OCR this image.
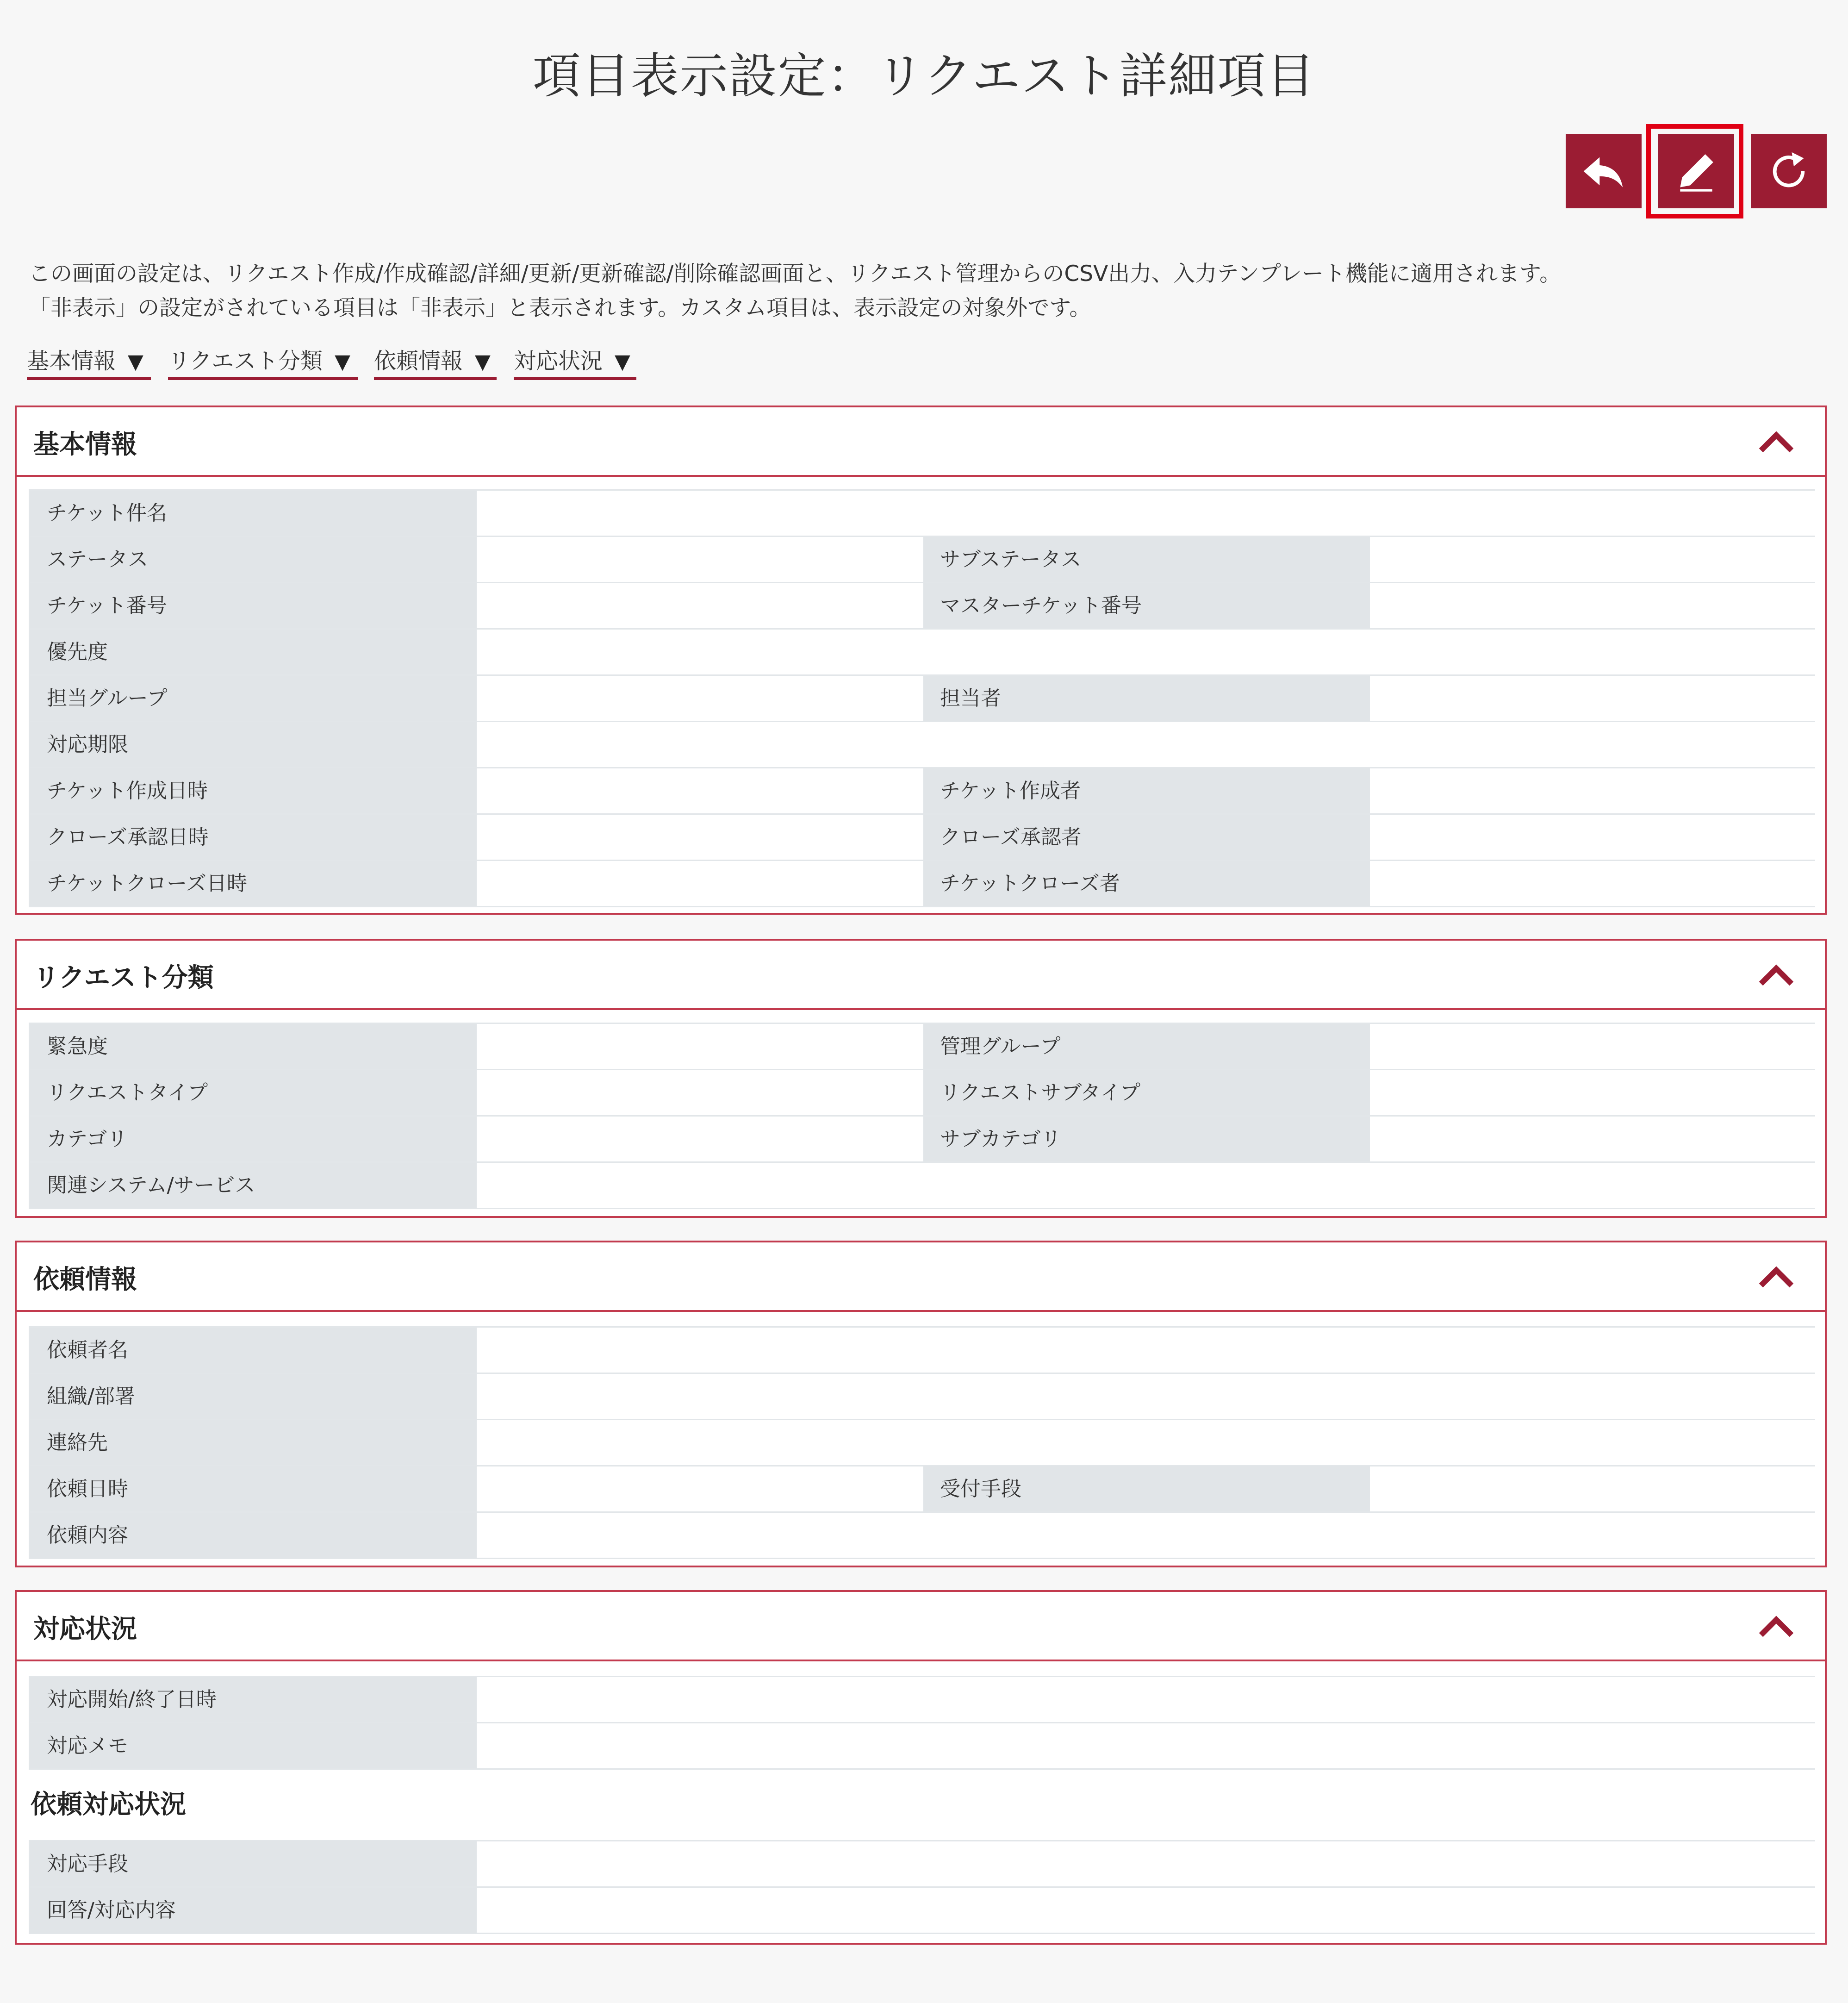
項目表示設定：リクエスト詳細項目
この画面の設定は、リクエスト作成/作成確認/詳細/更新/更新確認/削除確認画面と、リクエスト管理からのCSV出力、入力テンプレート機能に適用されます。
「非表示」の設定がされている項目は「非表示」と表示されます。カスタム項目は、表示設定の対象外です。
基本情報 ▼	リクエスト分類 ▼	依頼情報 ▼ 対応状況 ▼
基本情報
チケット件名
ステータス	サブステータス
チケット番号	マスターチケット番号
優先度
担当グループ	担当者
対応期限
チケット作成日時	チケット作成者
クローズ承認日時	クローズ承認者
チケットクローズ日時	チケットクローズ者
リクエスト分類
緊急度	管理グループ
リクエストタイプ	リクエストサブタイプ
カテゴリ	サブカテゴリ
関連システム/サービス
依頼情報
依頼者名
組織/部署
連絡先
依頼日時	受付手段
依頼内容
対応状況
対応開始/終了日時
対応メモ
依頼対応状況
対応手段
回答/対応内容
